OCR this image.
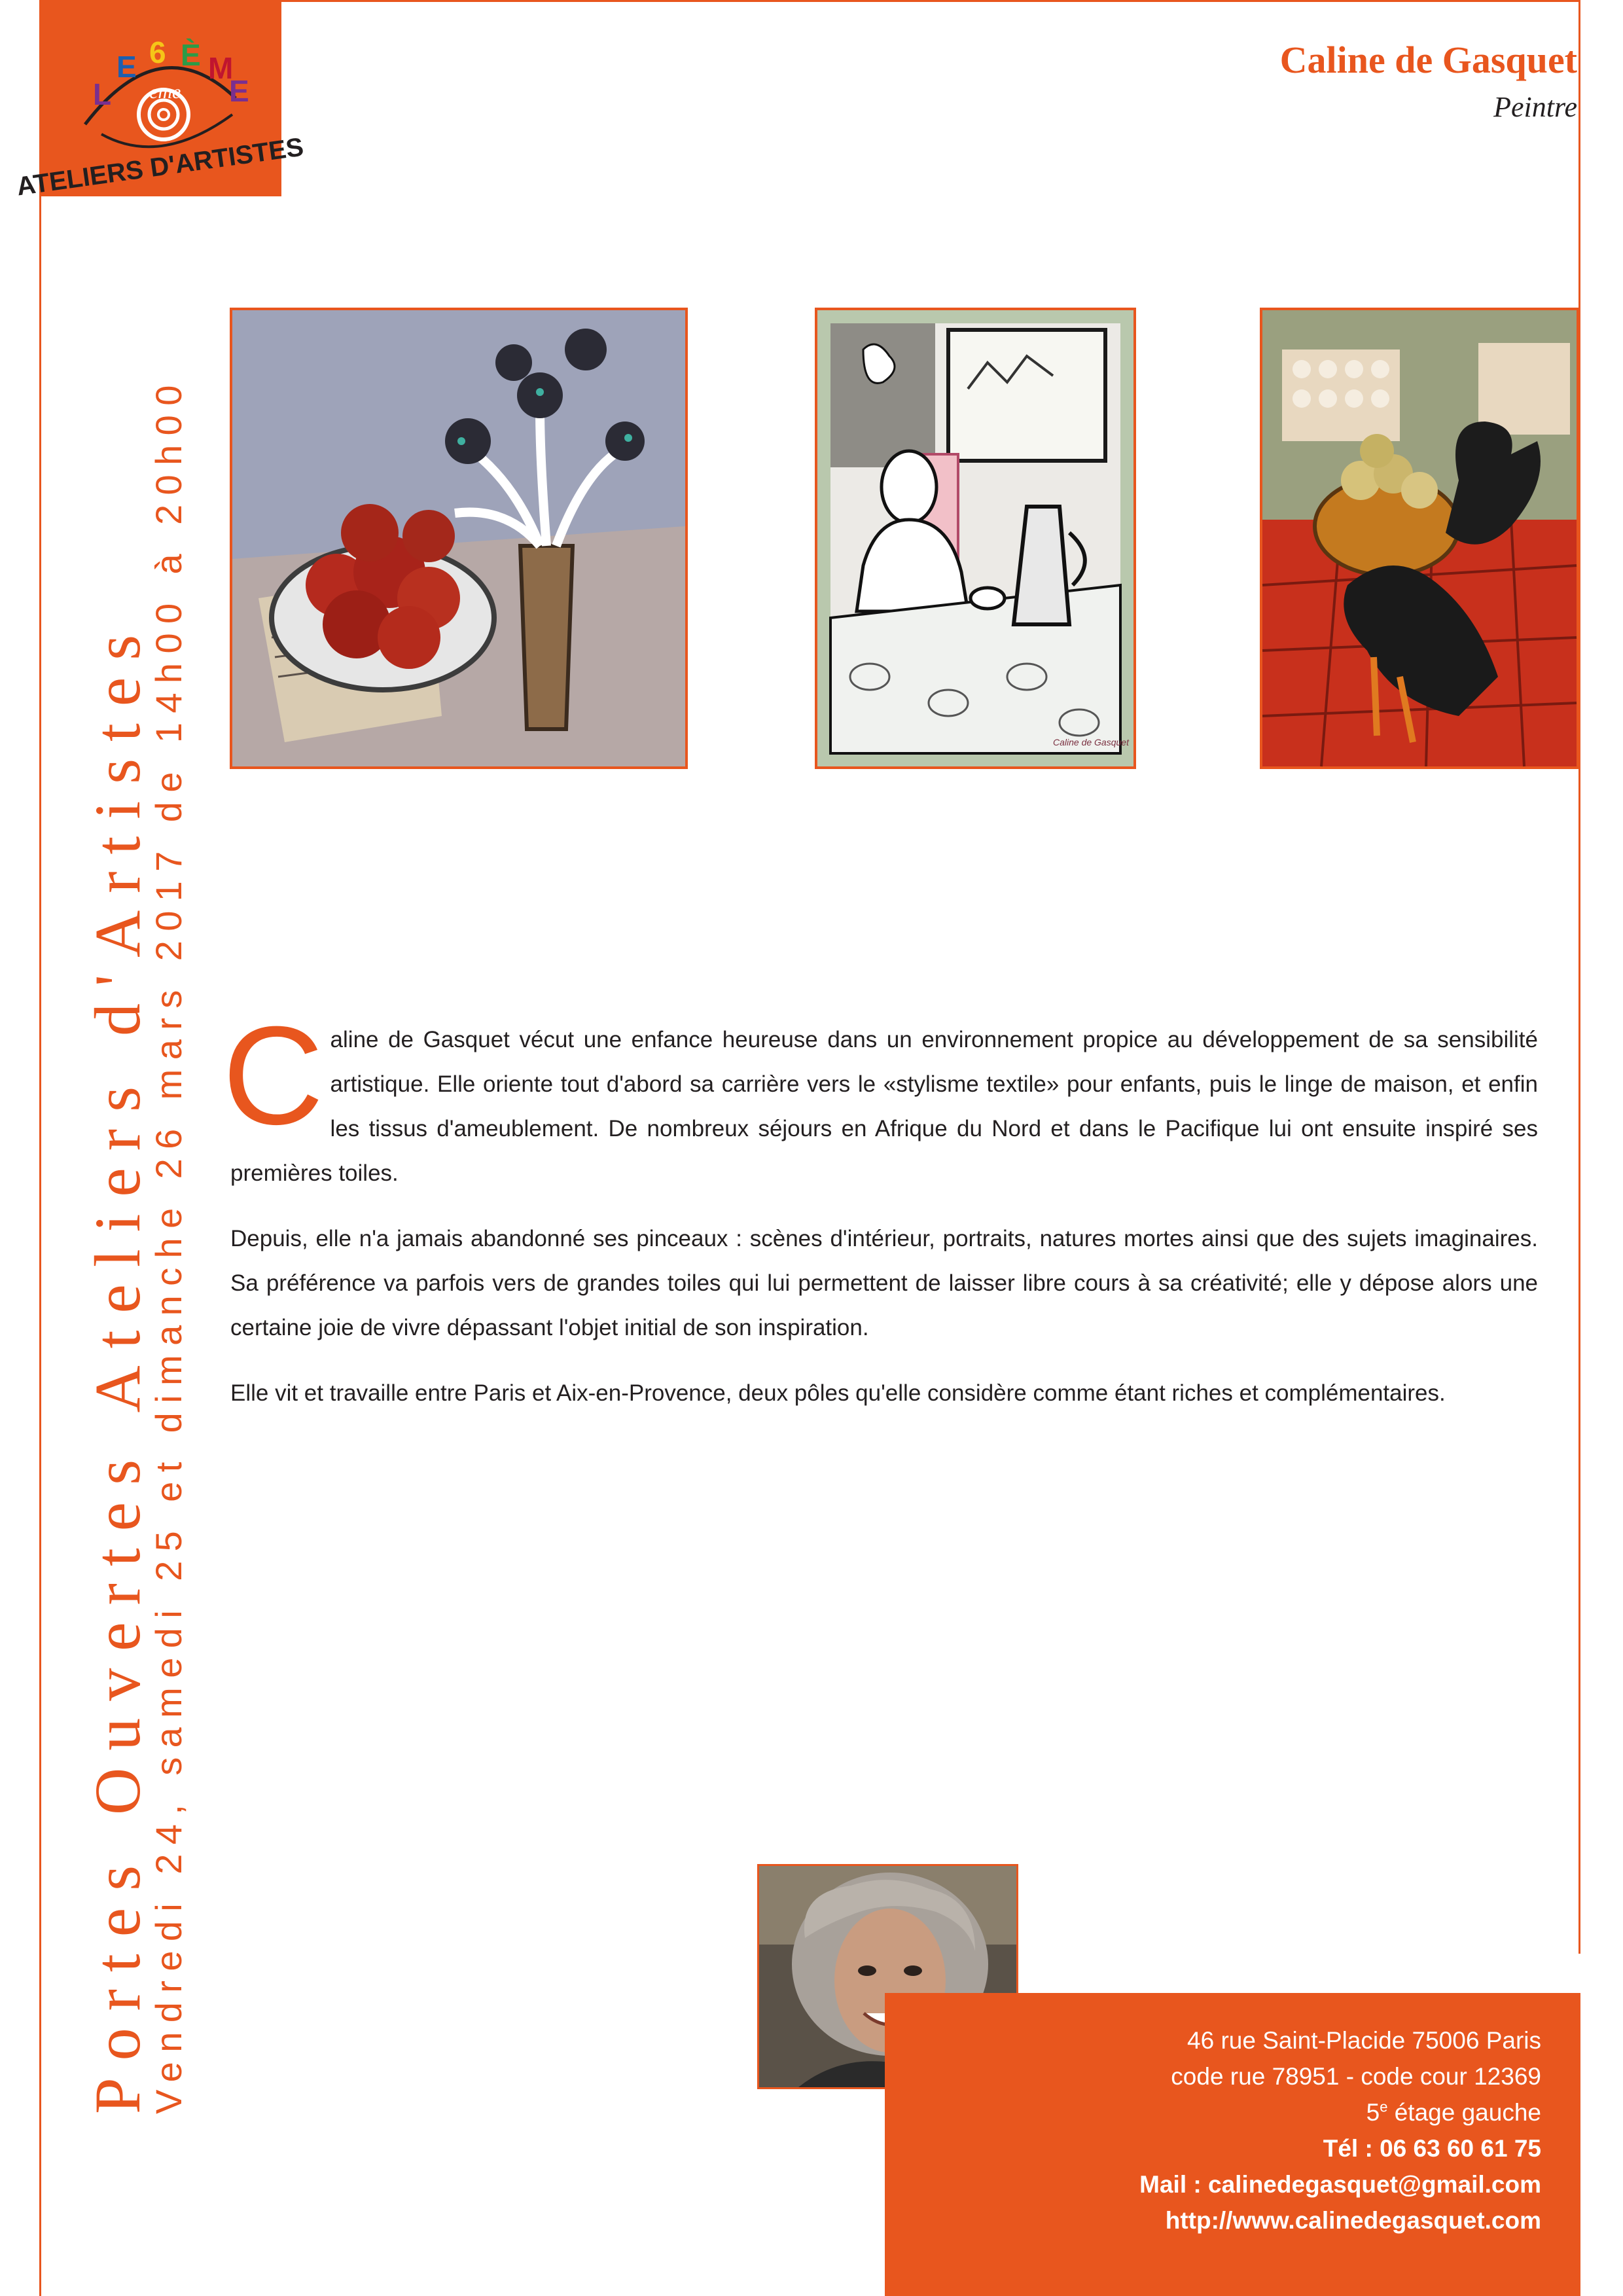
L
E 6 È M
E
eme
ATELIERS D'ARTISTES
Caline de Gasquet
Peintre
Caline de Gasquet
Portes Ouvertes Ateliers d'Artistes
Vendredi 24, samedi 25 et dimanche 26 mars 2017 de 14h00 à 20h00 Caline de Gasquet vécut une enfance heureuse dans un environnement propice au développement de sa sensibilité artistique. Elle oriente tout d'abord sa carrière vers le «stylisme textile» pour enfants, puis le linge de maison, et enfin les tissus d'ameublement. De nombreux séjours en Afrique du Nord et dans le Pacifique lui ont ensuite inspiré ses premières toiles.

Depuis, elle n'a jamais abandonné ses pinceaux : scènes d'intérieur, portraits, natures mortes ainsi que des sujets imaginaires. Sa préférence va parfois vers de grandes toiles qui lui permettent de laisser libre cours à sa créativité; elle y dépose alors une certaine joie de vivre dépassant l'objet initial de son inspiration.

Elle vit et travaille entre Paris et Aix-en-Provence, deux pôles qu'elle considère comme étant riches et complémentaires.

46 rue Saint-Placide 75006 Paris
code rue 78951 - code cour 12369
5e étage gauche
Tél : 06 63 60 61 75
Mail : calinedegasquet@gmail.com
http://www.calinedegasquet.com
